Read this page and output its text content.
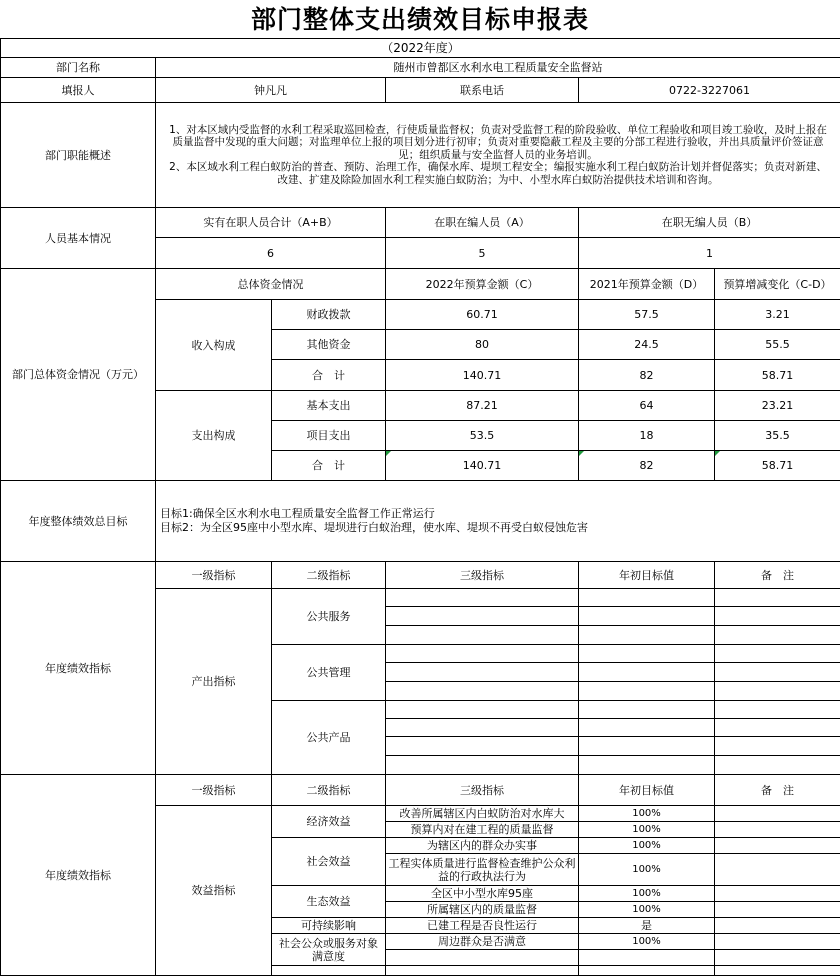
部门整体支出绩效目标申报表
（2022年度）					
部门名称	随州市曾都区水利水电工程质量安全监督站				
填报人	钟凡凡		联系电话	0722-3227061	
部门职能概述	1、对本区域内受监督的水利工程采取巡回检查，行使质量监督权；负责对受监督工程的阶段验收、单位工程验收和项目竣工验收，及时上报在质量监督中发现的重大问题；对监理单位上报的项目划分进行初审；负责对重要隐蔽工程及主要的分部工程进行验收，并出具质量评价签证意见；组织质量与安全监督人员的业务培训。
2、本区域水利工程白蚁防治的普查、预防、治理工作，确保水库、堤坝工程安全；编报实施水利工程白蚁防治计划并督促落实；负责对新建、改建、扩建及除险加固水利工程实施白蚁防治；为中、小型水库白蚁防治提供技术培训和咨询。				

人员基本情况	实有在职人员合计（A+B）		在职在编人员（A）	在职无编人员（B）	
	6		5	1	
部门总体资金情况（万元）	总体资金情况		2022年预算金额（C）	2021年预算金额（D）	预算增减变化（C-D）
	收入构成	财政拨款	60.71	57.5	3.21
		其他资金	80	24.5	55.5
		合　计	140.71	82	58.71
	支出构成	基本支出	87.21	64	23.21
		项目支出	53.5	18	35.5
		合　计	140.71	82	58.71
年度整体绩效总目标	目标1:确保全区水利水电工程质量安全监督工作正常运行
目标2：为全区95座中小型水库、堤坝进行白蚁治理，使水库、堤坝不再受白蚁侵蚀危害				

年度绩效指标	一级指标	二级指标	三级指标	年初目标值	备　注
	产出指标	公共服务			

		公共管理			

		公共产品			

年度绩效指标	一级指标	二级指标	三级指标	年初目标值	备　注
	效益指标	经济效益	改善所属辖区内白蚁防治对水库大	100%	
			预算内对在建工程的质量监督	100%	
		社会效益	为辖区内的群众办实事	100%	
			工程实体质量进行监督检查维护公众利益的行政执法行为	100%	
		生态效益	全区中小型水库95座	100%	
			所属辖区内的质量监督	100%	
		可持续影响	已建工程是否良性运行	是	
		社会公众或服务对象满意度	周边群众是否满意	100%	
